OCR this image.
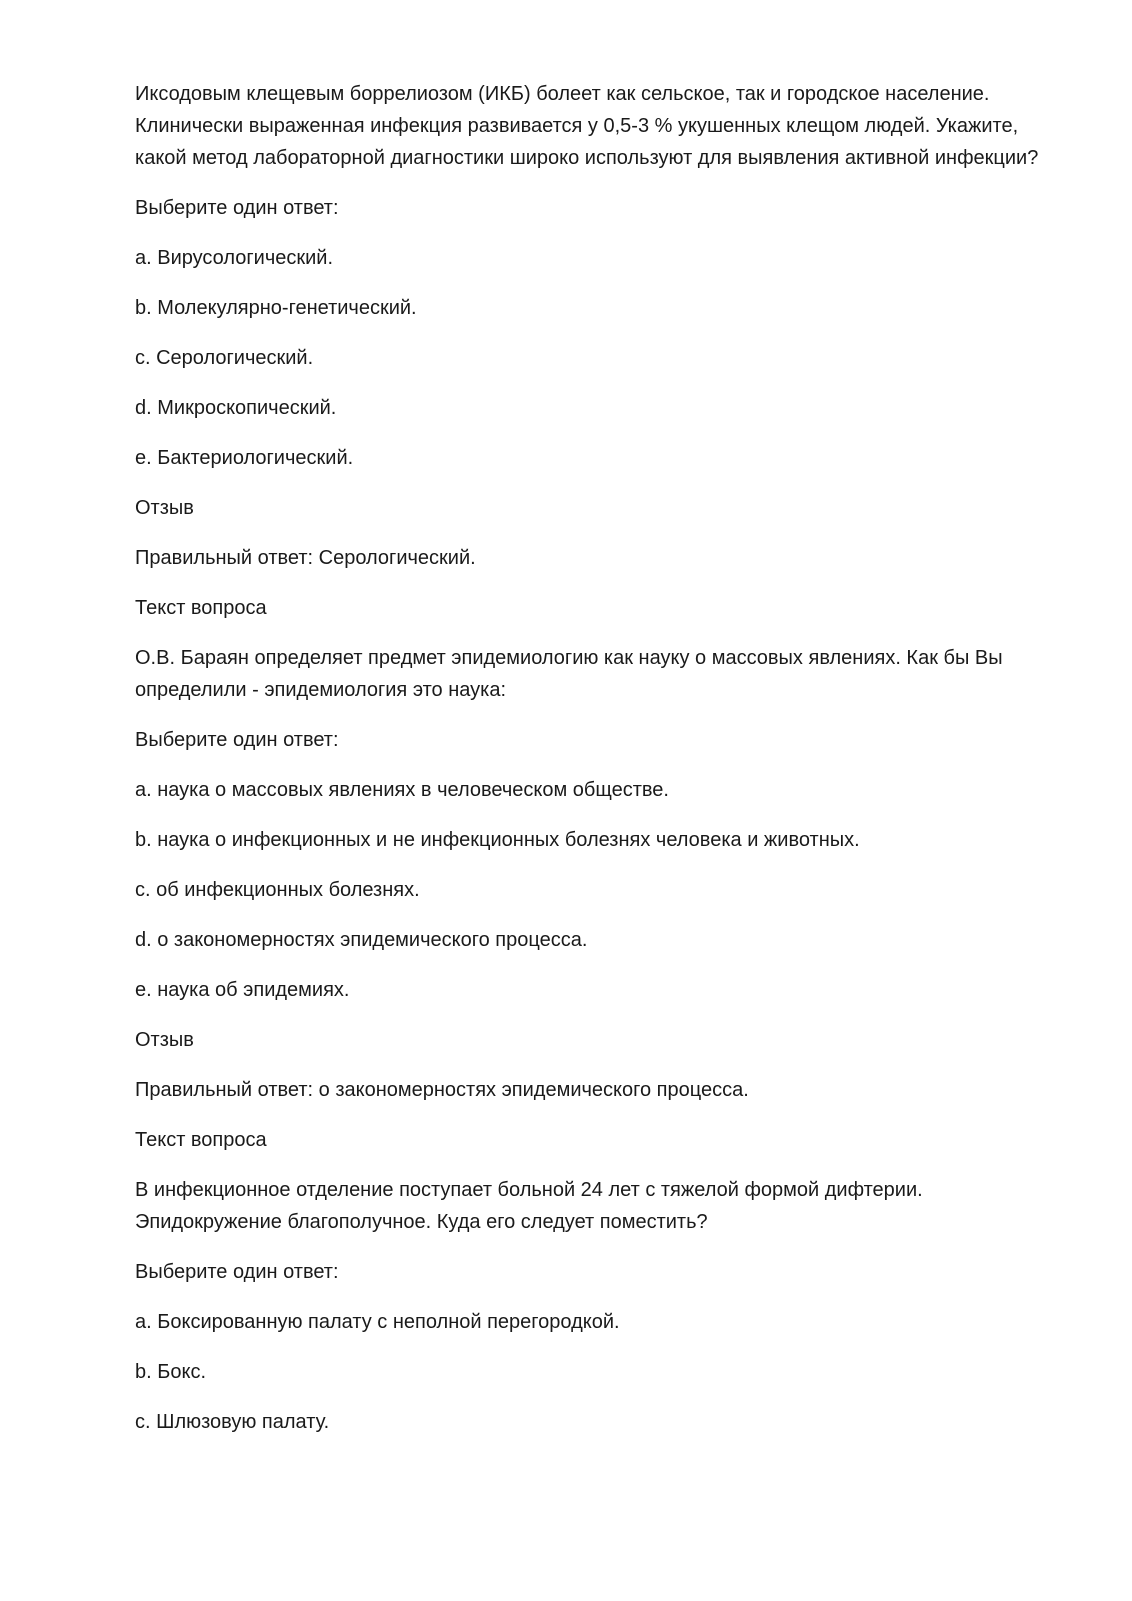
Иксодовым клещевым боррелиозом (ИКБ) болеет как сельское, так и городское население. Клинически выраженная инфекция развивается у 0,5-3 % укушенных клещом людей. Укажите, какой метод лабораторной диагностики широко используют для выявления активной инфекции?

Выберите один ответ:

a. Вирусологический.

b. Молекулярно-генетический.

c. Серологический.

d. Микроскопический.

e. Бактериологический.

Отзыв

Правильный ответ: Серологический.

Текст вопроса

О.В. Бараян определяет предмет эпидемиологию как науку о массовых явлениях. Как бы Вы определили - эпидемиология это наука:

Выберите один ответ:

a. наука о массовых явлениях в человеческом обществе.

b. наука о инфекционных и не инфекционных болезнях человека и животных.

c. об инфекционных болезнях.

d. о закономерностях эпидемического процесса.

e. наука об эпидемиях.

Отзыв

Правильный ответ: о закономерностях эпидемического процесса.

Текст вопроса

В инфекционное отделение поступает больной 24 лет с тяжелой формой дифтерии. Эпидокружение благополучное. Куда его следует поместить?

Выберите один ответ:

a. Боксированную палату с неполной перегородкой.

b. Бокс.

c. Шлюзовую палату.
